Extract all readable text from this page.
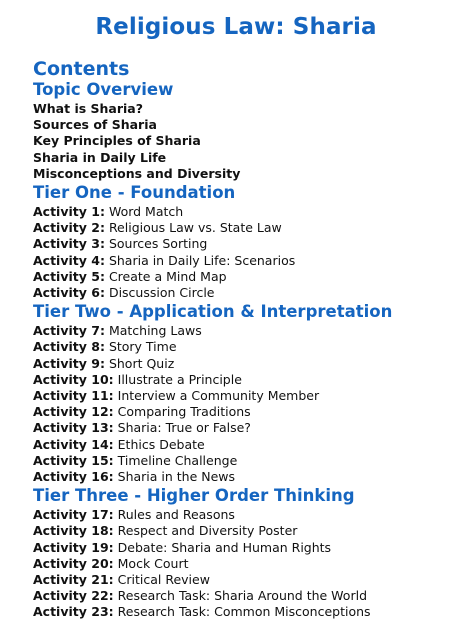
Religious Law: Sharia
Contents
Topic Overview
What is Sharia?
Sources of Sharia
Key Principles of Sharia
Sharia in Daily Life
Misconceptions and Diversity
Tier One - Foundation
Activity 1: Word Match
Activity 2: Religious Law vs. State Law
Activity 3: Sources Sorting
Activity 4: Sharia in Daily Life: Scenarios
Activity 5: Create a Mind Map
Activity 6: Discussion Circle
Tier Two - Application & Interpretation
Activity 7: Matching Laws
Activity 8: Story Time
Activity 9: Short Quiz
Activity 10: Illustrate a Principle
Activity 11: Interview a Community Member
Activity 12: Comparing Traditions
Activity 13: Sharia: True or False?
Activity 14: Ethics Debate
Activity 15: Timeline Challenge
Activity 16: Sharia in the News
Tier Three - Higher Order Thinking
Activity 17: Rules and Reasons
Activity 18: Respect and Diversity Poster
Activity 19: Debate: Sharia and Human Rights
Activity 20: Mock Court
Activity 21: Critical Review
Activity 22: Research Task: Sharia Around the World
Activity 23: Research Task: Common Misconceptions
